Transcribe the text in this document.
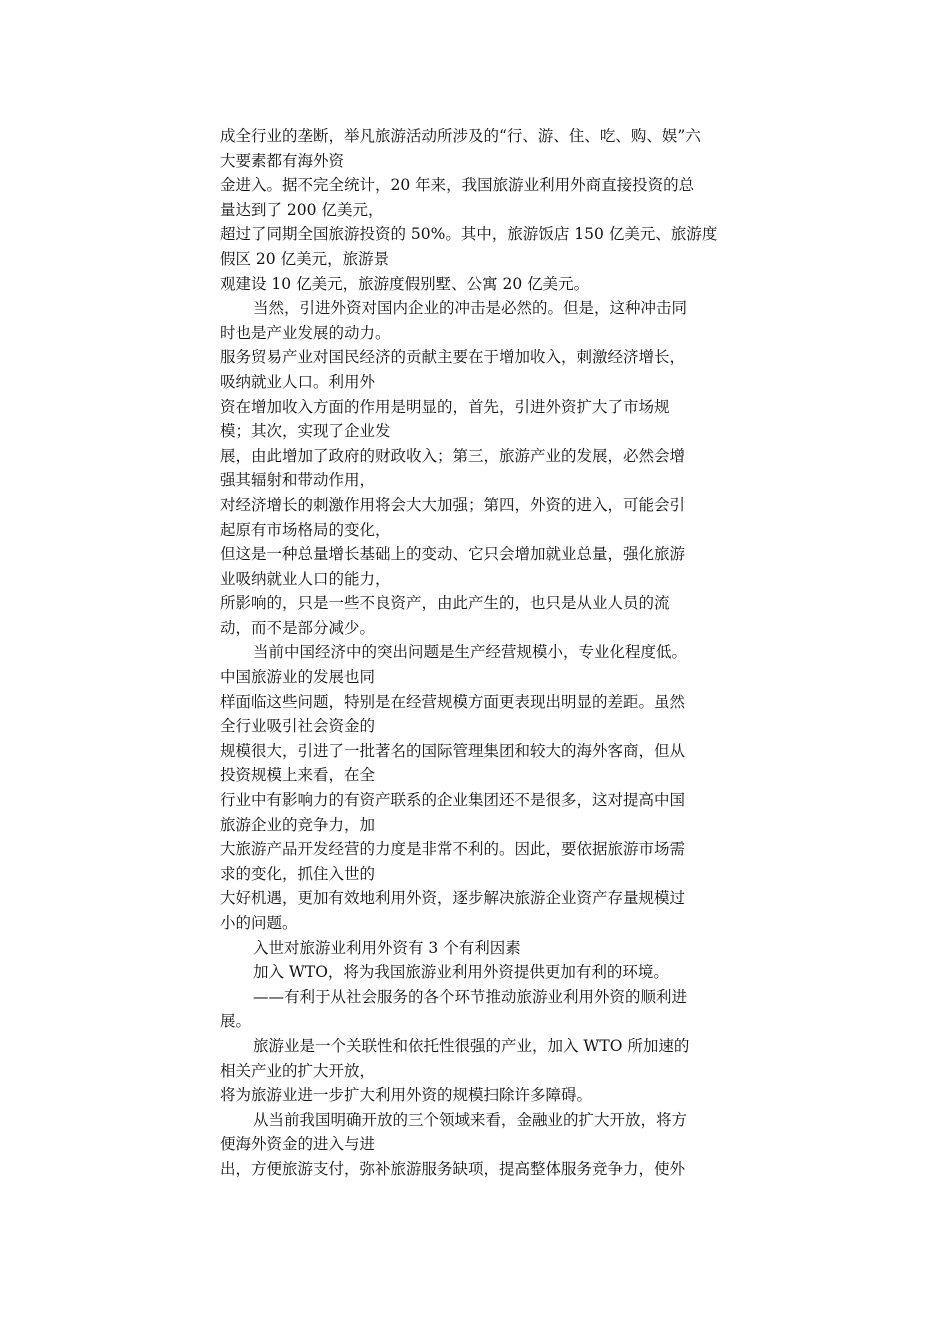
成全行业的垄断，举凡旅游活动所涉及的“行、游、住、吃、购、娱”六
大要素都有海外资
金进入。据不完全统计，20 年来，我国旅游业利用外商直接投资的总
量达到了 200 亿美元，
超过了同期全国旅游投资的 50%。其中，旅游饭店 150 亿美元、旅游度
假区 20 亿美元，旅游景
观建设 10 亿美元，旅游度假别墅、公寓 20 亿美元。
当然，引进外资对国内企业的冲击是必然的。但是，这种冲击同
时也是产业发展的动力。
服务贸易产业对国民经济的贡献主要在于增加收入，刺激经济增长，
吸纳就业人口。利用外
资在增加收入方面的作用是明显的，首先，引进外资扩大了市场规
模；其次，实现了企业发
展，由此增加了政府的财政收入；第三，旅游产业的发展，必然会增
强其辐射和带动作用，
对经济增长的刺激作用将会大大加强；第四，外资的进入，可能会引
起原有市场格局的变化，
但这是一种总量增长基础上的变动、它只会增加就业总量，强化旅游
业吸纳就业人口的能力，
所影响的，只是一些不良资产，由此产生的，也只是从业人员的流
动，而不是部分减少。
当前中国经济中的突出问题是生产经营规模小，专业化程度低。
中国旅游业的发展也同
样面临这些问题，特别是在经营规模方面更表现出明显的差距。虽然
全行业吸引社会资金的
规模很大，引进了一批著名的国际管理集团和较大的海外客商，但从
投资规模上来看，在全
行业中有影响力的有资产联系的企业集团还不是很多，这对提高中国
旅游企业的竞争力，加
大旅游产品开发经营的力度是非常不利的。因此，要依据旅游市场需
求的变化，抓住入世的
大好机遇，更加有效地利用外资，逐步解决旅游企业资产存量规模过
小的问题。
入世对旅游业利用外资有 3 个有利因素
加入 WTO，将为我国旅游业利用外资提供更加有利的环境。
——有利于从社会服务的各个环节推动旅游业利用外资的顺利进
展。
旅游业是一个关联性和依托性很强的产业，加入 WTO 所加速的
相关产业的扩大开放，
将为旅游业进一步扩大利用外资的规模扫除许多障碍。
从当前我国明确开放的三个领域来看，金融业的扩大开放，将方
便海外资金的进入与进
出，方便旅游支付，弥补旅游服务缺项，提高整体服务竞争力，使外
